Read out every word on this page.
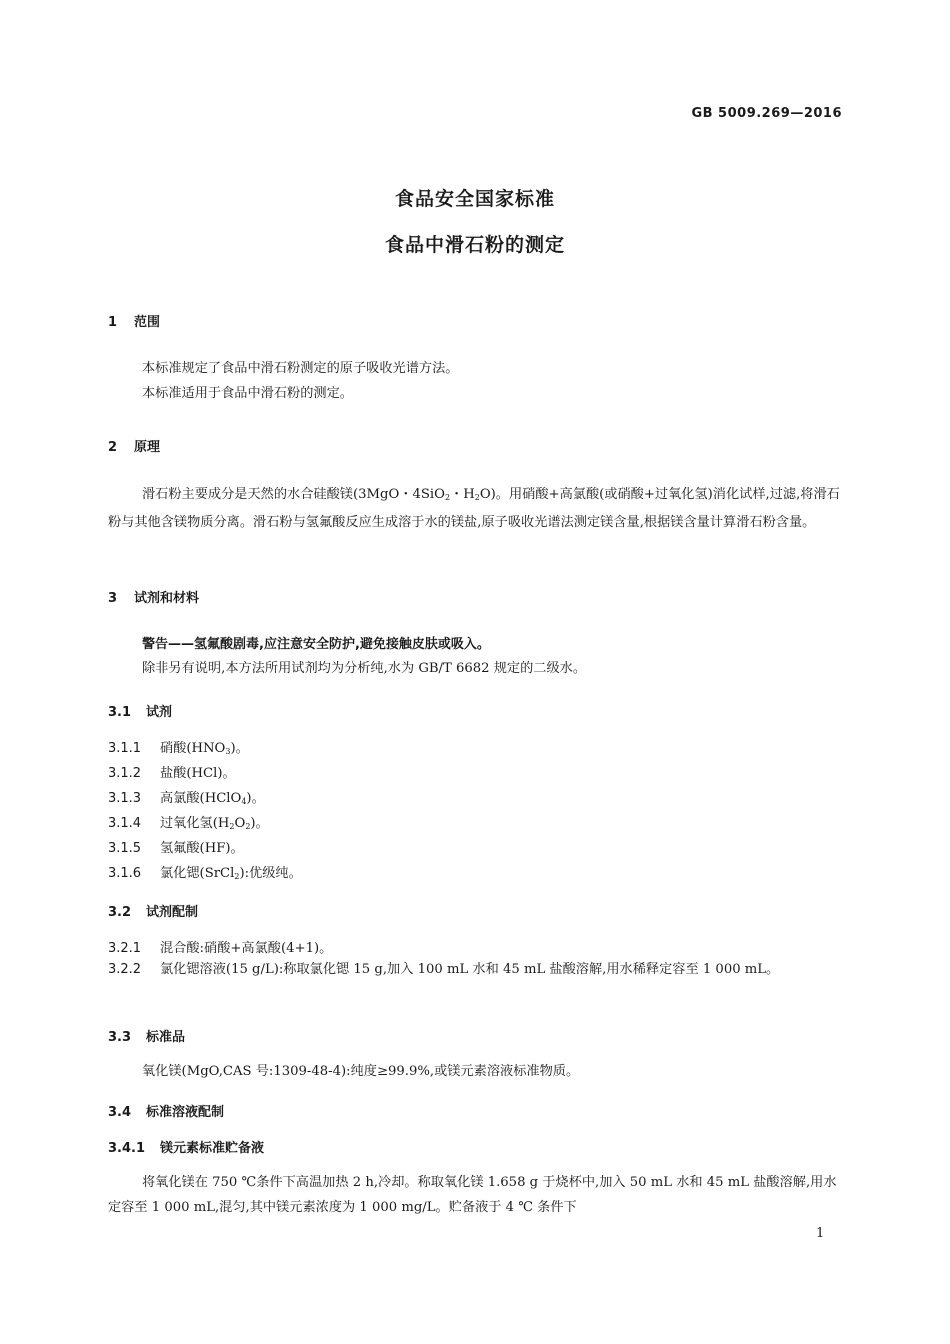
GB 5009.269—2016
食品安全国家标准
食品中滑石粉的测定
1 范围
本标准规定了食品中滑石粉测定的原子吸收光谱方法。
本标准适用于食品中滑石粉的测定。
2 原理
滑石粉主要成分是天然的水合硅酸镁(3MgO・4SiO$_2$・$H_2O$)。用硝酸+高氯酸(或硝酸+过氧化氢)消化试样,过滤,将滑石粉与其他含镁物质分离。滑石粉与氢氟酸反应生成溶于水的镁盐,原子吸收光谱法测定镁含量,根据镁含量计算滑石粉含量。
3 试剂和材料
警告——氢氟酸剧毒,应注意安全防护,避免接触皮肤或吸入。
除非另有说明,本方法所用试剂均为分析纯,水为 GB/T 6682 规定的二级水。
3.1 试剂
3.1.1 硝酸$(HNO_3)$。
3.1.2 盐酸(HCl)。
3.1.3 高氯酸(HClO$_4$)。
3.1.4 过氧化氢$(H_2O_2)$。
3.1.5 氢氟酸(HF)。
3.1.6 氯化锶(SrCl$_2$):优级纯。
3.2 试剂配制
3.2.1 混合酸:硝酸+高氯酸(4+1)。
3.2.2 氯化锶溶液(15 g/L):称取氯化锶 15 g,加入 100 mL 水和 45 mL 盐酸溶解,用水稀释定容至 1 000 mL。
3.3 标准品
氧化镁(MgO,CAS 号:1309-48-4):纯度≥99.9%,或镁元素溶液标准物质。
3.4 标准溶液配制
3.4.1 镁元素标准贮备液
将氧化镁在 750 ℃条件下高温加热 2 h,冷却。称取氧化镁 1.658 g 于烧杯中,加入 50 mL 水和 45 mL 盐酸溶解,用水定容至 1 000 mL,混匀,其中镁元素浓度为 1 000 mg/L。贮备液于 4 ℃ 条件下
1
